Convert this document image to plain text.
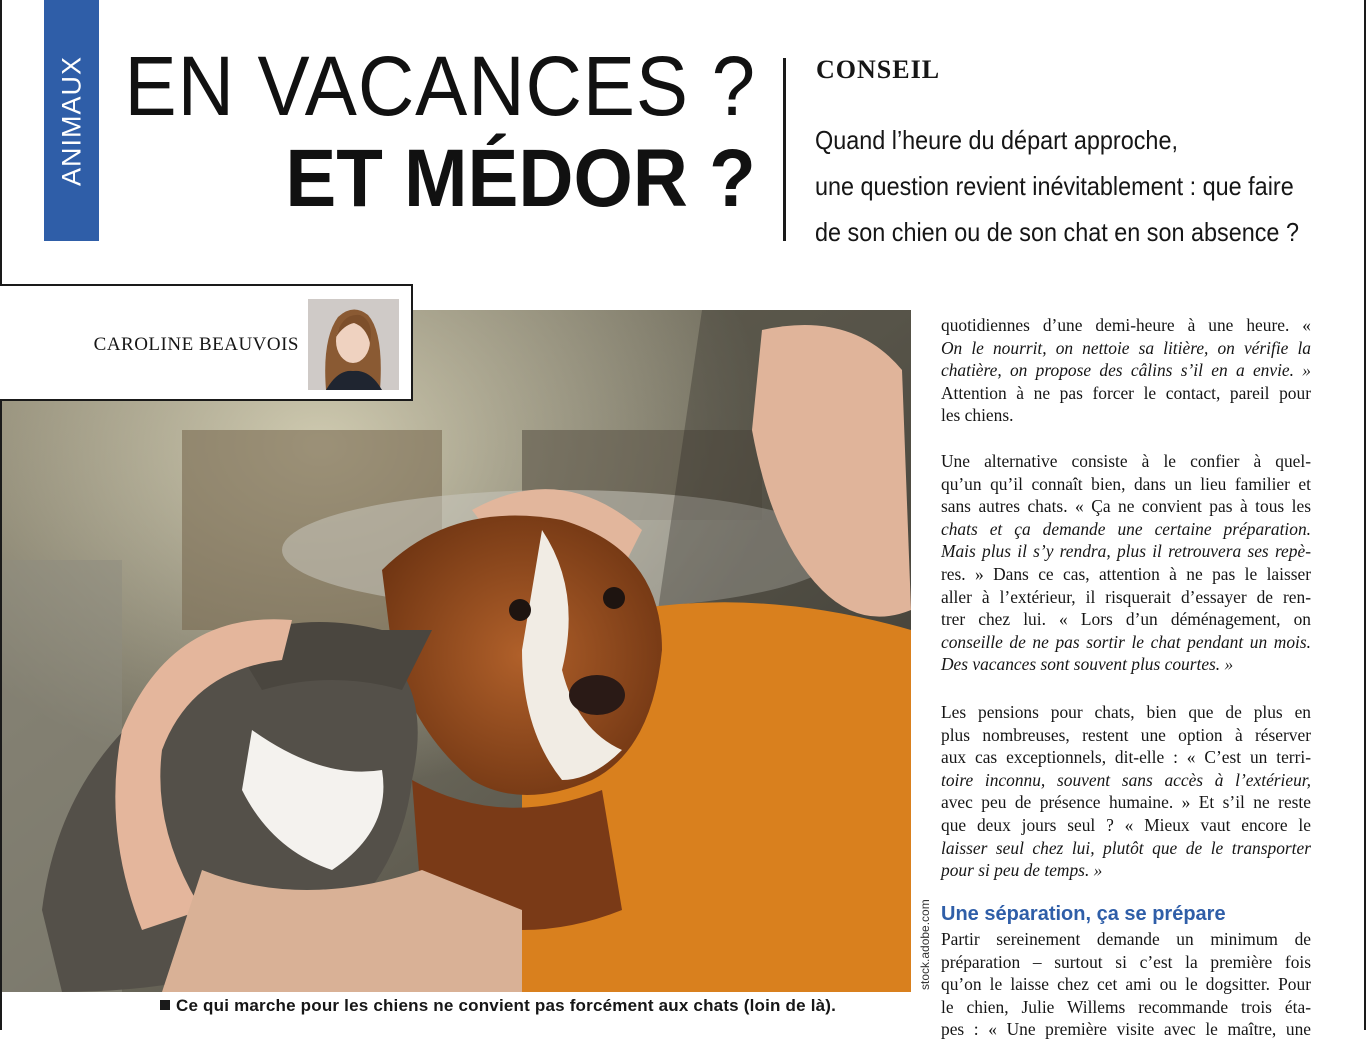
ANIMAUX EN VACANCES ?
ET MÉDOR ?
CONSEIL
Quand l’heure du départ approche,
une question revient inévitablement : que faire
de son chien ou de son chat en son absence ?
CAROLINE BEAUVOIS
Ce qui marche pour les chiens ne convient pas forcément aux chats (loin de là).
stock.adobe.com
quotidiennes d’une demi-heure à une heure. «
On le nourrit, on nettoie sa litière, on vérifie la
chatière, on propose des câlins s’il en a envie. »
Attention à ne pas forcer le contact, pareil pour
les chiens.
Une alternative consiste à le confier à quel-
qu’un qu’il connaît bien, dans un lieu familier et
sans autres chats. « Ça ne convient pas à tous les
chats et ça demande une certaine préparation.
Mais plus il s’y rendra, plus il retrouvera ses repè-
res. » Dans ce cas, attention à ne pas le laisser
aller à l’extérieur, il risquerait d’essayer de ren-
trer chez lui. « Lors d’un déménagement, on
conseille de ne pas sortir le chat pendant un mois.
Des vacances sont souvent plus courtes. »
Les pensions pour chats, bien que de plus en
plus nombreuses, restent une option à réserver
aux cas exceptionnels, dit-elle : « C’est un terri-
toire inconnu, souvent sans accès à l’extérieur,
avec peu de présence humaine. » Et s’il ne reste
que deux jours seul ? « Mieux vaut encore le
laisser seul chez lui, plutôt que de le transporter
pour si peu de temps. »
Une séparation, ça se prépare
Partir sereinement demande un minimum de
préparation – surtout si c’est la première fois
qu’on le laisse chez cet ami ou le dogsitter. Pour
le chien, Julie Willems recommande trois éta-
pes : « Une première visite avec le maître, une
